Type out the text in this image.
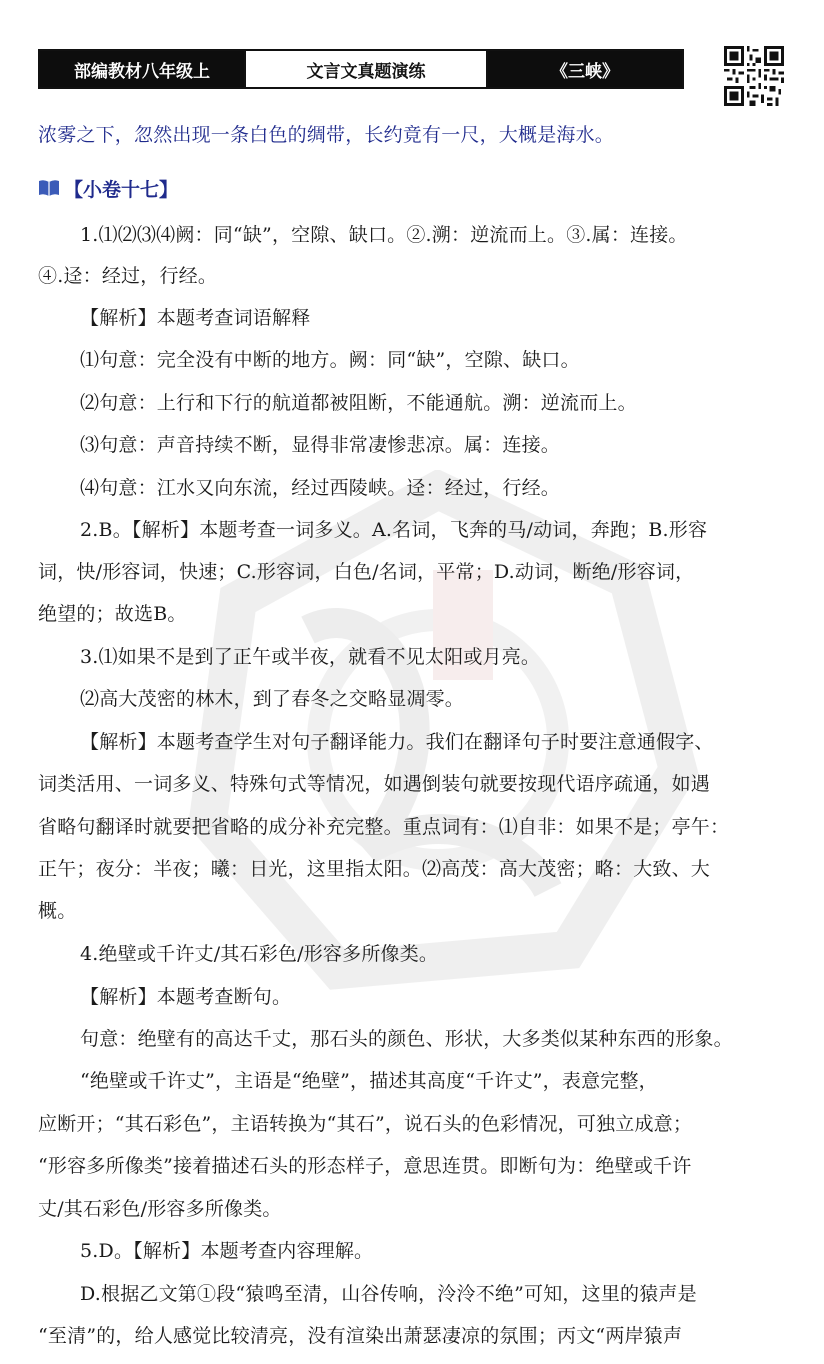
部编教材八年级上	文言文真题演练	《三峡》
浓雾之下，忽然出现一条白色的绸带，长约竟有一尺，大概是海水。
【小卷十七】
1.⑴⑵⑶⑷阙：同“缺”，空隙、缺口。②.溯：逆流而上。③.属：连接。
④.迳：经过，行经。
【解析】本题考查词语解释
⑴句意：完全没有中断的地方。阙：同“缺”，空隙、缺口。
⑵句意：上行和下行的航道都被阻断，不能通航。溯：逆流而上。
⑶句意：声音持续不断，显得非常凄惨悲凉。属：连接。
⑷句意：江水又向东流，经过西陵峡。迳：经过，行经。
2.B。【解析】本题考查一词多义。A.名词，飞奔的马/动词，奔跑；B.形容
词，快/形容词，快速；C.形容词，白色/名词，平常；D.动词，断绝/形容词，
绝望的；故选B。
3.⑴如果不是到了正午或半夜，就看不见太阳或月亮。
⑵高大茂密的林木，到了春冬之交略显凋零。
【解析】本题考查学生对句子翻译能力。我们在翻译句子时要注意通假字、
词类活用、一词多义、特殊句式等情况，如遇倒装句就要按现代语序疏通，如遇
省略句翻译时就要把省略的成分补充完整。重点词有：⑴自非：如果不是；亭午：
正午；夜分：半夜；曦：日光，这里指太阳。⑵高茂：高大茂密；略：大致、大
概。
4.绝壁或千许丈/其石彩色/形容多所像类。
【解析】本题考查断句。
句意：绝壁有的高达千丈，那石头的颜色、形状，大多类似某种东西的形象。
“绝壁或千许丈”，主语是“绝壁”，描述其高度“千许丈”，表意完整，
应断开；“其石彩色”，主语转换为“其石”，说石头的色彩情况，可独立成意；
“形容多所像类”接着描述石头的形态样子，意思连贯。即断句为：绝壁或千许
丈/其石彩色/形容多所像类。
5.D。【解析】本题考查内容理解。
D.根据乙文第①段“猿鸣至清，山谷传响，泠泠不绝”可知，这里的猿声是
“至清”的，给人感觉比较清亮，没有渲染出萧瑟凄凉的氛围；丙文“两岸猿声
